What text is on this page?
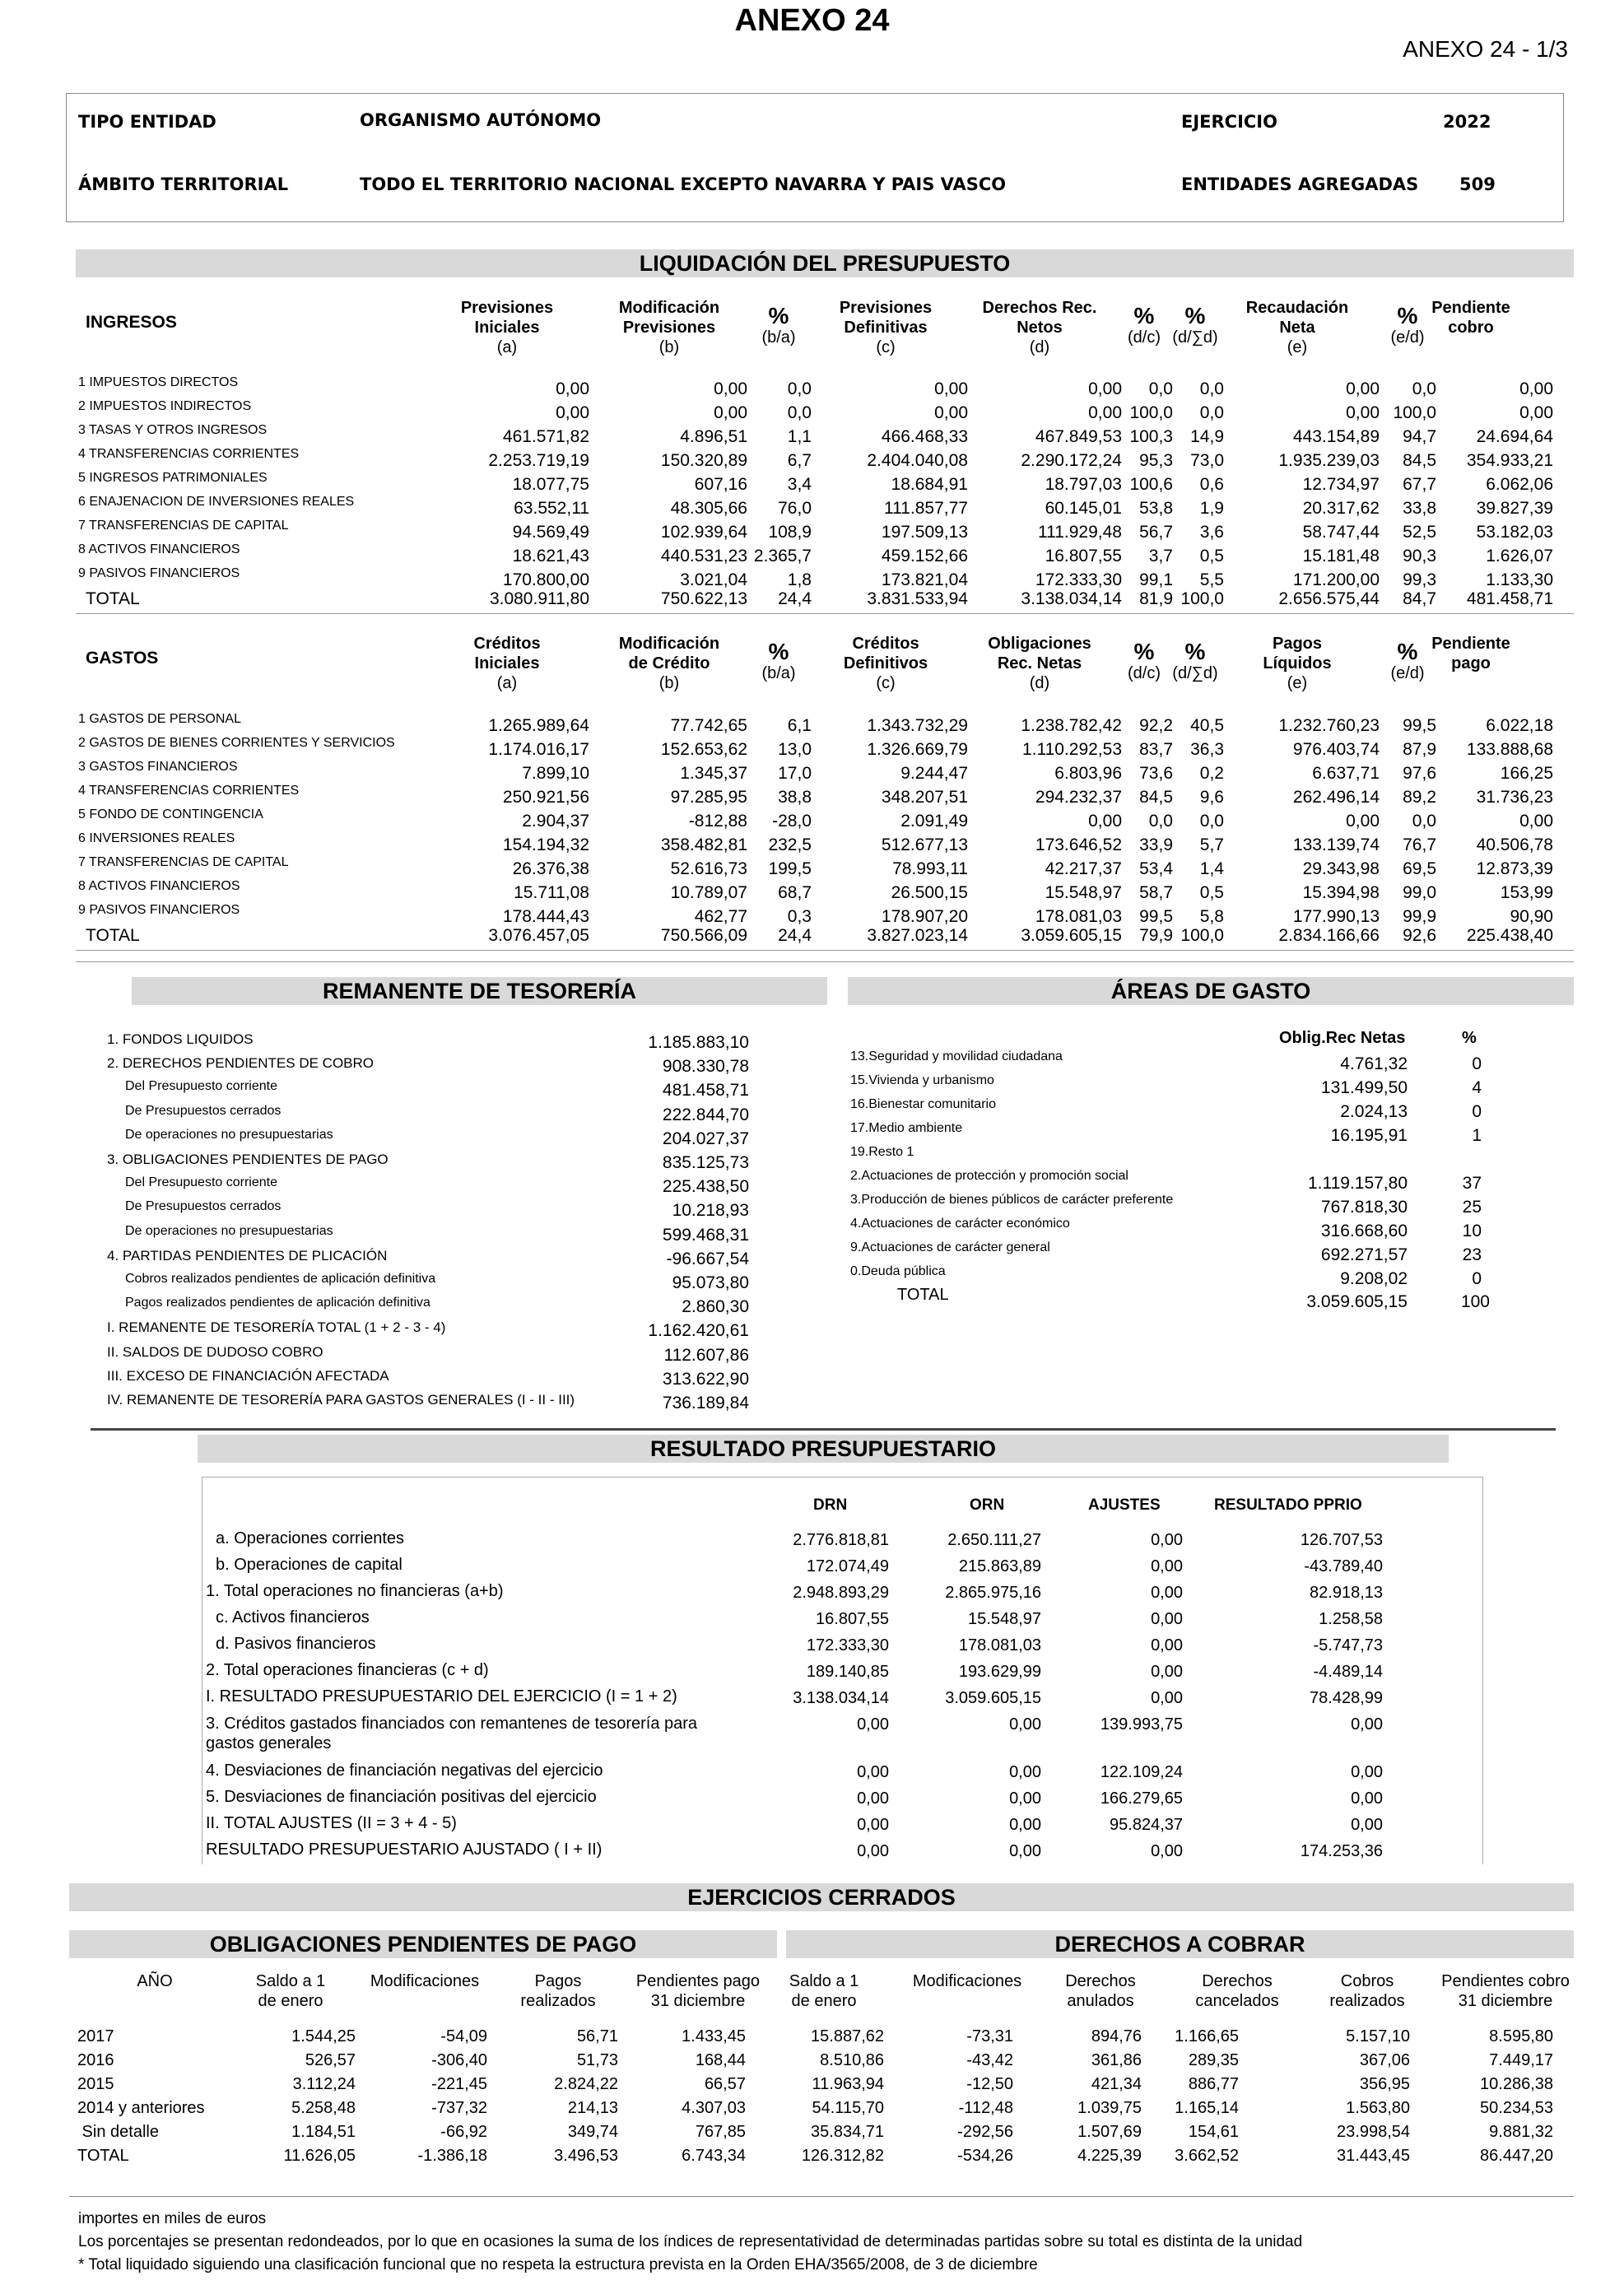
ANEXO 24
ANEXO 24 - 1/3
TIPO ENTIDAD	ORGANISMO AUTÓNOMO	EJERCICIO	2022
ÁMBITO TERRITORIAL	TODO EL TERRITORIO NACIONAL EXCEPTO NAVARRA Y PAIS VASCO	ENTIDADES AGREGADAS 509
LIQUIDACIÓN DEL PRESUPUESTO
INGRESOS
Previsiones
Iniciales
(a)
Modificación
Previsiones
(b)
%
(b/a)
Previsiones
Definitivas
(c)
Derechos Rec.
Netos
(d)
%
(d/c)
%
(d/∑d)
Recaudación
Neta
(e)
%
(e/d)
Pendiente
cobro
1 IMPUESTOS DIRECTOS	0,00	0,00	0,0	0,00	0,00	0,0	0,0	0,00	0,0	0,00
2 IMPUESTOS INDIRECTOS	0,00	0,00	0,0	0,00	0,00 100,0	0,0	0,00 100,0	0,00
3 TASAS Y OTROS INGRESOS	461.571,82	4.896,51	1,1	466.468,33	467.849,53 100,3	14,9	443.154,89	94,7	24.694,64
4 TRANSFERENCIAS CORRIENTES	2.253.719,19	150.320,89	6,7	2.404.040,08	2.290.172,24	95,3	73,0	1.935.239,03	84,5	354.933,21
5 INGRESOS PATRIMONIALES	18.077,75	607,16	3,4	18.684,91	18.797,03 100,6	0,6	12.734,97	67,7	6.062,06
6 ENAJENACION DE INVERSIONES REALES	63.552,11	48.305,66	76,0	111.857,77	60.145,01	53,8	1,9	20.317,62	33,8	39.827,39
7 TRANSFERENCIAS DE CAPITAL	94.569,49	102.939,64	108,9	197.509,13	111.929,48	56,7	3,6	58.747,44	52,5	53.182,03
8 ACTIVOS FINANCIEROS	18.621,43	440.531,23 2.365,7	459.152,66	16.807,55	3,7	0,5	15.181,48	90,3	1.626,07
9 PASIVOS FINANCIEROS	170.800,00	3.021,04	1,8	173.821,04	172.333,30	99,1	5,5	171.200,00	99,3	1.133,30
TOTAL	3.080.911,80	750.622,13	24,4	3.831.533,94	3.138.034,14	81,9 100,0	2.656.575,44	84,7	481.458,71
GASTOS
Créditos
Iniciales
(a)
Modificación
de Crédito
(b)
%
(b/a)
Créditos
Definitivos
(c)
Obligaciones
Rec. Netas
(d)
%
(d/c)
%
(d/∑d)
Pagos
Líquidos
(e)
%
(e/d)
Pendiente
pago
1 GASTOS DE PERSONAL	1.265.989,64	77.742,65	6,1	1.343.732,29	1.238.782,42	92,2	40,5	1.232.760,23	99,5	6.022,18
2 GASTOS DE BIENES CORRIENTES Y SERVICIOS	1.174.016,17	152.653,62	13,0	1.326.669,79	1.110.292,53	83,7	36,3	976.403,74	87,9	133.888,68
3 GASTOS FINANCIEROS	7.899,10	1.345,37	17,0	9.244,47	6.803,96	73,6	0,2	6.637,71	97,6	166,25
4 TRANSFERENCIAS CORRIENTES	250.921,56	97.285,95	38,8	348.207,51	294.232,37	84,5	9,6	262.496,14	89,2	31.736,23
5 FONDO DE CONTINGENCIA	2.904,37	-812,88	-28,0	2.091,49	0,00	0,0	0,0	0,00	0,0	0,00
6 INVERSIONES REALES	154.194,32	358.482,81	232,5	512.677,13	173.646,52	33,9	5,7	133.139,74	76,7	40.506,78
7 TRANSFERENCIAS DE CAPITAL	26.376,38	52.616,73	199,5	78.993,11	42.217,37	53,4	1,4	29.343,98	69,5	12.873,39
8 ACTIVOS FINANCIEROS	15.711,08	10.789,07	68,7	26.500,15	15.548,97	58,7	0,5	15.394,98	99,0	153,99
9 PASIVOS FINANCIEROS	178.444,43	462,77	0,3	178.907,20	178.081,03	99,5	5,8	177.990,13	99,9	90,90
TOTAL	3.076.457,05	750.566,09	24,4	3.827.023,14	3.059.605,15	79,9 100,0	2.834.166,66	92,6	225.438,40
REMANENTE DE TESORERÍA
1. FONDOS LIQUIDOS	1.185.883,10
2. DERECHOS PENDIENTES DE COBRO	908.330,78
Del Presupuesto corriente	481.458,71
De Presupuestos cerrados	222.844,70
De operaciones no presupuestarias	204.027,37
3. OBLIGACIONES PENDIENTES DE PAGO	835.125,73
Del Presupuesto corriente	225.438,50
De Presupuestos cerrados	10.218,93
De operaciones no presupuestarias	599.468,31
4. PARTIDAS PENDIENTES DE PLICACIÓN	-96.667,54
Cobros realizados pendientes de aplicación definitiva	95.073,80
Pagos realizados pendientes de aplicación definitiva	2.860,30
I. REMANENTE DE TESORERÍA TOTAL (1 + 2 - 3 - 4)	1.162.420,61
II. SALDOS DE DUDOSO COBRO	112.607,86
III. EXCESO DE FINANCIACIÓN AFECTADA	313.622,90
IV. REMANENTE DE TESORERÍA PARA GASTOS GENERALES (I - II - III)	736.189,84
ÁREAS DE GASTO
Oblig.Rec Netas	%
13.Seguridad y movilidad ciudadana	4.761,32	0
15.Vivienda y urbanismo	131.499,50	4
16.Bienestar comunitario	2.024,13	0
17.Medio ambiente	16.195,91	1
19.Resto 1
2.Actuaciones de protección y promoción social	1.119.157,80	37
3.Producción de bienes públicos de carácter preferente	767.818,30	25
4.Actuaciones de carácter económico	316.668,60	10
9.Actuaciones de carácter general	692.271,57	23
0.Deuda pública	9.208,02	0
TOTAL	3.059.605,15	100
RESULTADO PRESUPUESTARIO
DRN	ORN	AJUSTES	RESULTADO PPRIO
a. Operaciones corrientes	2.776.818,81	2.650.111,27	0,00	126.707,53
b. Operaciones de capital	172.074,49	215.863,89	0,00	-43.789,40
1. Total operaciones no financieras (a+b)	2.948.893,29	2.865.975,16	0,00	82.918,13
c. Activos financieros	16.807,55	15.548,97	0,00	1.258,58
d. Pasivos financieros	172.333,30	178.081,03	0,00	-5.747,73
2. Total operaciones financieras (c + d)	189.140,85	193.629,99	0,00	-4.489,14
I. RESULTADO PRESUPUESTARIO DEL EJERCICIO (I = 1 + 2)	3.138.034,14	3.059.605,15	0,00	78.428,99
3. Créditos gastados financiados con remantenes de tesorería para gastos generales
0,00	0,00	139.993,75	0,00
4. Desviaciones de financiación negativas del ejercicio	0,00	0,00	122.109,24	0,00
5. Desviaciones de financiación positivas del ejercicio	0,00	0,00	166.279,65	0,00
II. TOTAL AJUSTES (II = 3 + 4 - 5)	0,00	0,00	95.824,37	0,00
RESULTADO PRESUPUESTARIO AJUSTADO ( I + II)	0,00	0,00	0,00	174.253,36
EJERCICIOS CERRADOS
OBLIGACIONES PENDIENTES DE PAGO	DERECHOS A COBRAR
AÑO	Saldo a 1
de enero
Modificaciones	Pagos
realizados
Pendientes pago
31 diciembre
Saldo a 1
de enero
Modificaciones	Derechos
anulados
Derechos
cancelados
Cobros
realizados
Pendientes cobro
31 diciembre
2017	1.544,25	-54,09	56,71	1.433,45	15.887,62	-73,31	894,76	1.166,65	5.157,10	8.595,80
2016	526,57	-306,40	51,73	168,44	8.510,86	-43,42	361,86	289,35	367,06	7.449,17
2015	3.112,24	-221,45	2.824,22	66,57	11.963,94	-12,50	421,34	886,77	356,95	10.286,38
2014 y anteriores	5.258,48	-737,32	214,13	4.307,03	54.115,70	-112,48	1.039,75	1.165,14	1.563,80	50.234,53
Sin detalle	1.184,51	-66,92	349,74	767,85	35.834,71	-292,56	1.507,69	154,61	23.998,54	9.881,32
TOTAL	11.626,05	-1.386,18	3.496,53	6.743,34	126.312,82	-534,26	4.225,39	3.662,52	31.443,45	86.447,20
importes en miles de euros
Los porcentajes se presentan redondeados, por lo que en ocasiones la suma de los índices de representatividad de determinadas partidas sobre su total es distinta de la unidad
* Total liquidado siguiendo una clasificación funcional que no respeta la estructura prevista en la Orden EHA/3565/2008, de 3 de diciembre
